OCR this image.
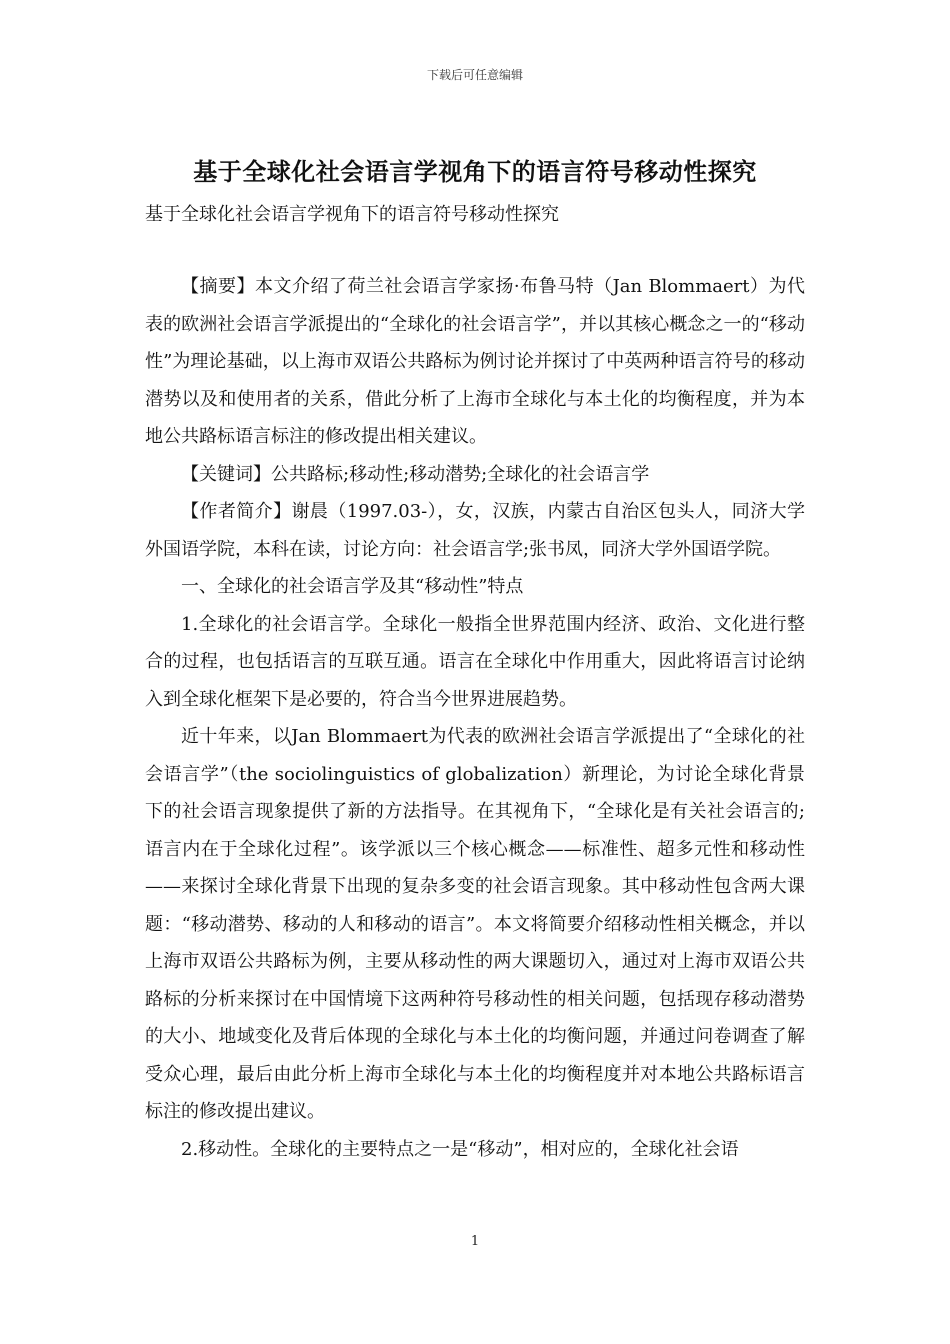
下载后可任意编辑
基于全球化社会语言学视角下的语言符号移动性探究
基于全球化社会语言学视角下的语言符号移动性探究

【摘要】本文介绍了荷兰社会语言学家扬·布鲁马特（Jan Blommaert）为代表的欧洲社会语言学派提出的“全球化的社会语言学”，并以其核心概念之一的“移动性”为理论基础，以上海市双语公共路标为例讨论并探讨了中英两种语言符号的移动潜势以及和使用者的关系，借此分析了上海市全球化与本土化的均衡程度，并为本地公共路标语言标注的修改提出相关建议。

【关键词】公共路标;移动性;移动潜势;全球化的社会语言学

【作者简介】谢晨（1997.03-），女，汉族，内蒙古自治区包头人，同济大学外国语学院，本科在读，讨论方向：社会语言学;张书凤，同济大学外国语学院。

一、全球化的社会语言学及其“移动性”特点

1.全球化的社会语言学。全球化一般指全世界范围内经济、政治、文化进行整合的过程，也包括语言的互联互通。语言在全球化中作用重大，因此将语言讨论纳入到全球化框架下是必要的，符合当今世界进展趋势。

近十年来，以Jan Blommaert为代表的欧洲社会语言学派提出了“全球化的社会语言学”（the sociolinguistics of globalization）新理论，为讨论全球化背景下的社会语言现象提供了新的方法指导。在其视角下，“全球化是有关社会语言的;语言内在于全球化过程”。该学派以三个核心概念——标准性、超多元性和移动性——来探讨全球化背景下出现的复杂多变的社会语言现象。其中移动性包含两大课题：“移动潜势、移动的人和移动的语言”。本文将简要介绍移动性相关概念，并以上海市双语公共路标为例，主要从移动性的两大课题切入，通过对上海市双语公共路标的分析来探讨在中国情境下这两种符号移动性的相关问题，包括现存移动潜势的大小、地域变化及背后体现的全球化与本土化的均衡问题，并通过问卷调查了解受众心理，最后由此分析上海市全球化与本土化的均衡程度并对本地公共路标语言标注的修改提出建议。

2.移动性。全球化的主要特点之一是“移动”，相对应的，全球化社会语

1
